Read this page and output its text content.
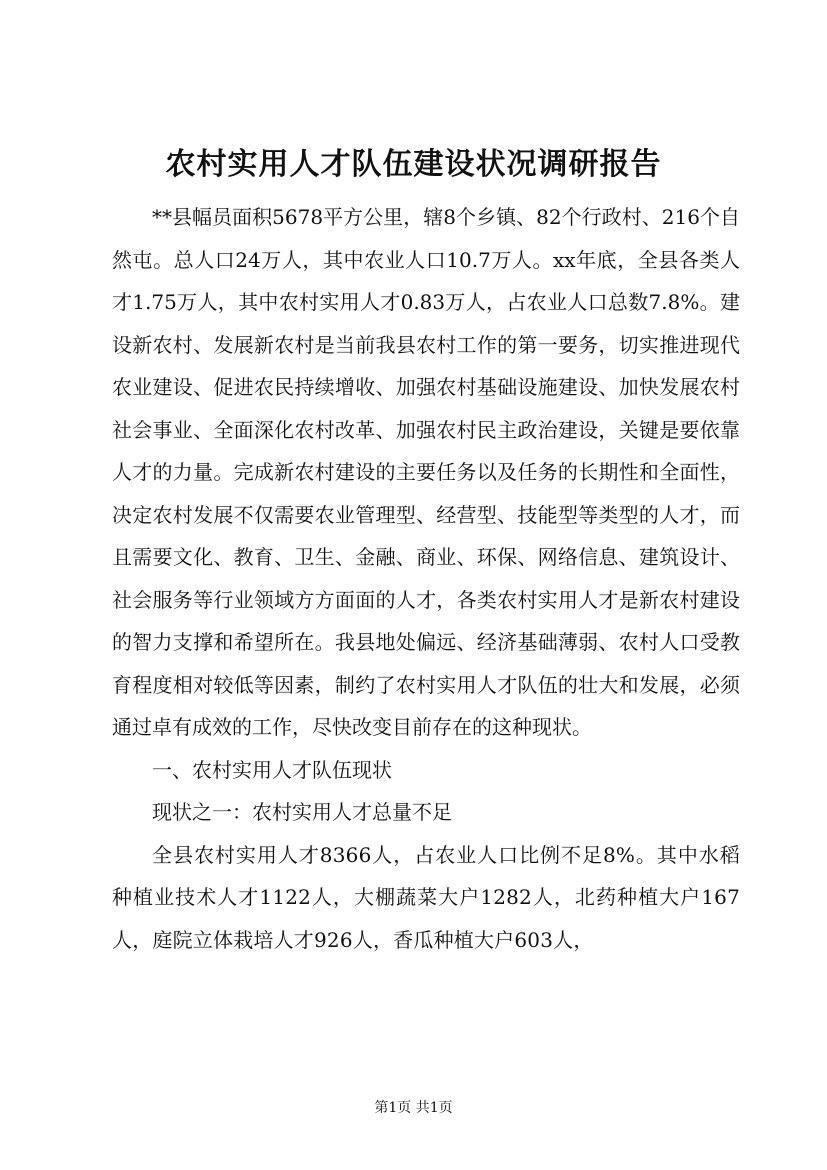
农村实用人才队伍建设状况调研报告

**县幅员面积5678平方公里，辖8个乡镇、82个行政村、216个自然屯。总人口24万人，其中农业人口10.7万人。xx年底，全县各类人才1.75万人，其中农村实用人才0.83万人，占农业人口总数7.8%。建设新农村、发展新农村是当前我县农村工作的第一要务，切实推进现代农业建设、促进农民持续增收、加强农村基础设施建设、加快发展农村社会事业、全面深化农村改革、加强农村民主政治建设，关键是要依靠人才的力量。完成新农村建设的主要任务以及任务的长期性和全面性，决定农村发展不仅需要农业管理型、经营型、技能型等类型的人才，而且需要文化、教育、卫生、金融、商业、环保、网络信息、建筑设计、社会服务等行业领域方方面面的人才，各类农村实用人才是新农村建设的智力支撑和希望所在。我县地处偏远、经济基础薄弱、农村人口受教育程度相对较低等因素，制约了农村实用人才队伍的壮大和发展，必须通过卓有成效的工作，尽快改变目前存在的这种现状。

一、农村实用人才队伍现状

现状之一：农村实用人才总量不足

全县农村实用人才8366人，占农业人口比例不足8%。其中水稻种植业技术人才1122人，大棚蔬菜大户1282人，北药种植大户167人，庭院立体栽培人才926人，香瓜种植大户603人，

第1页 共1页
